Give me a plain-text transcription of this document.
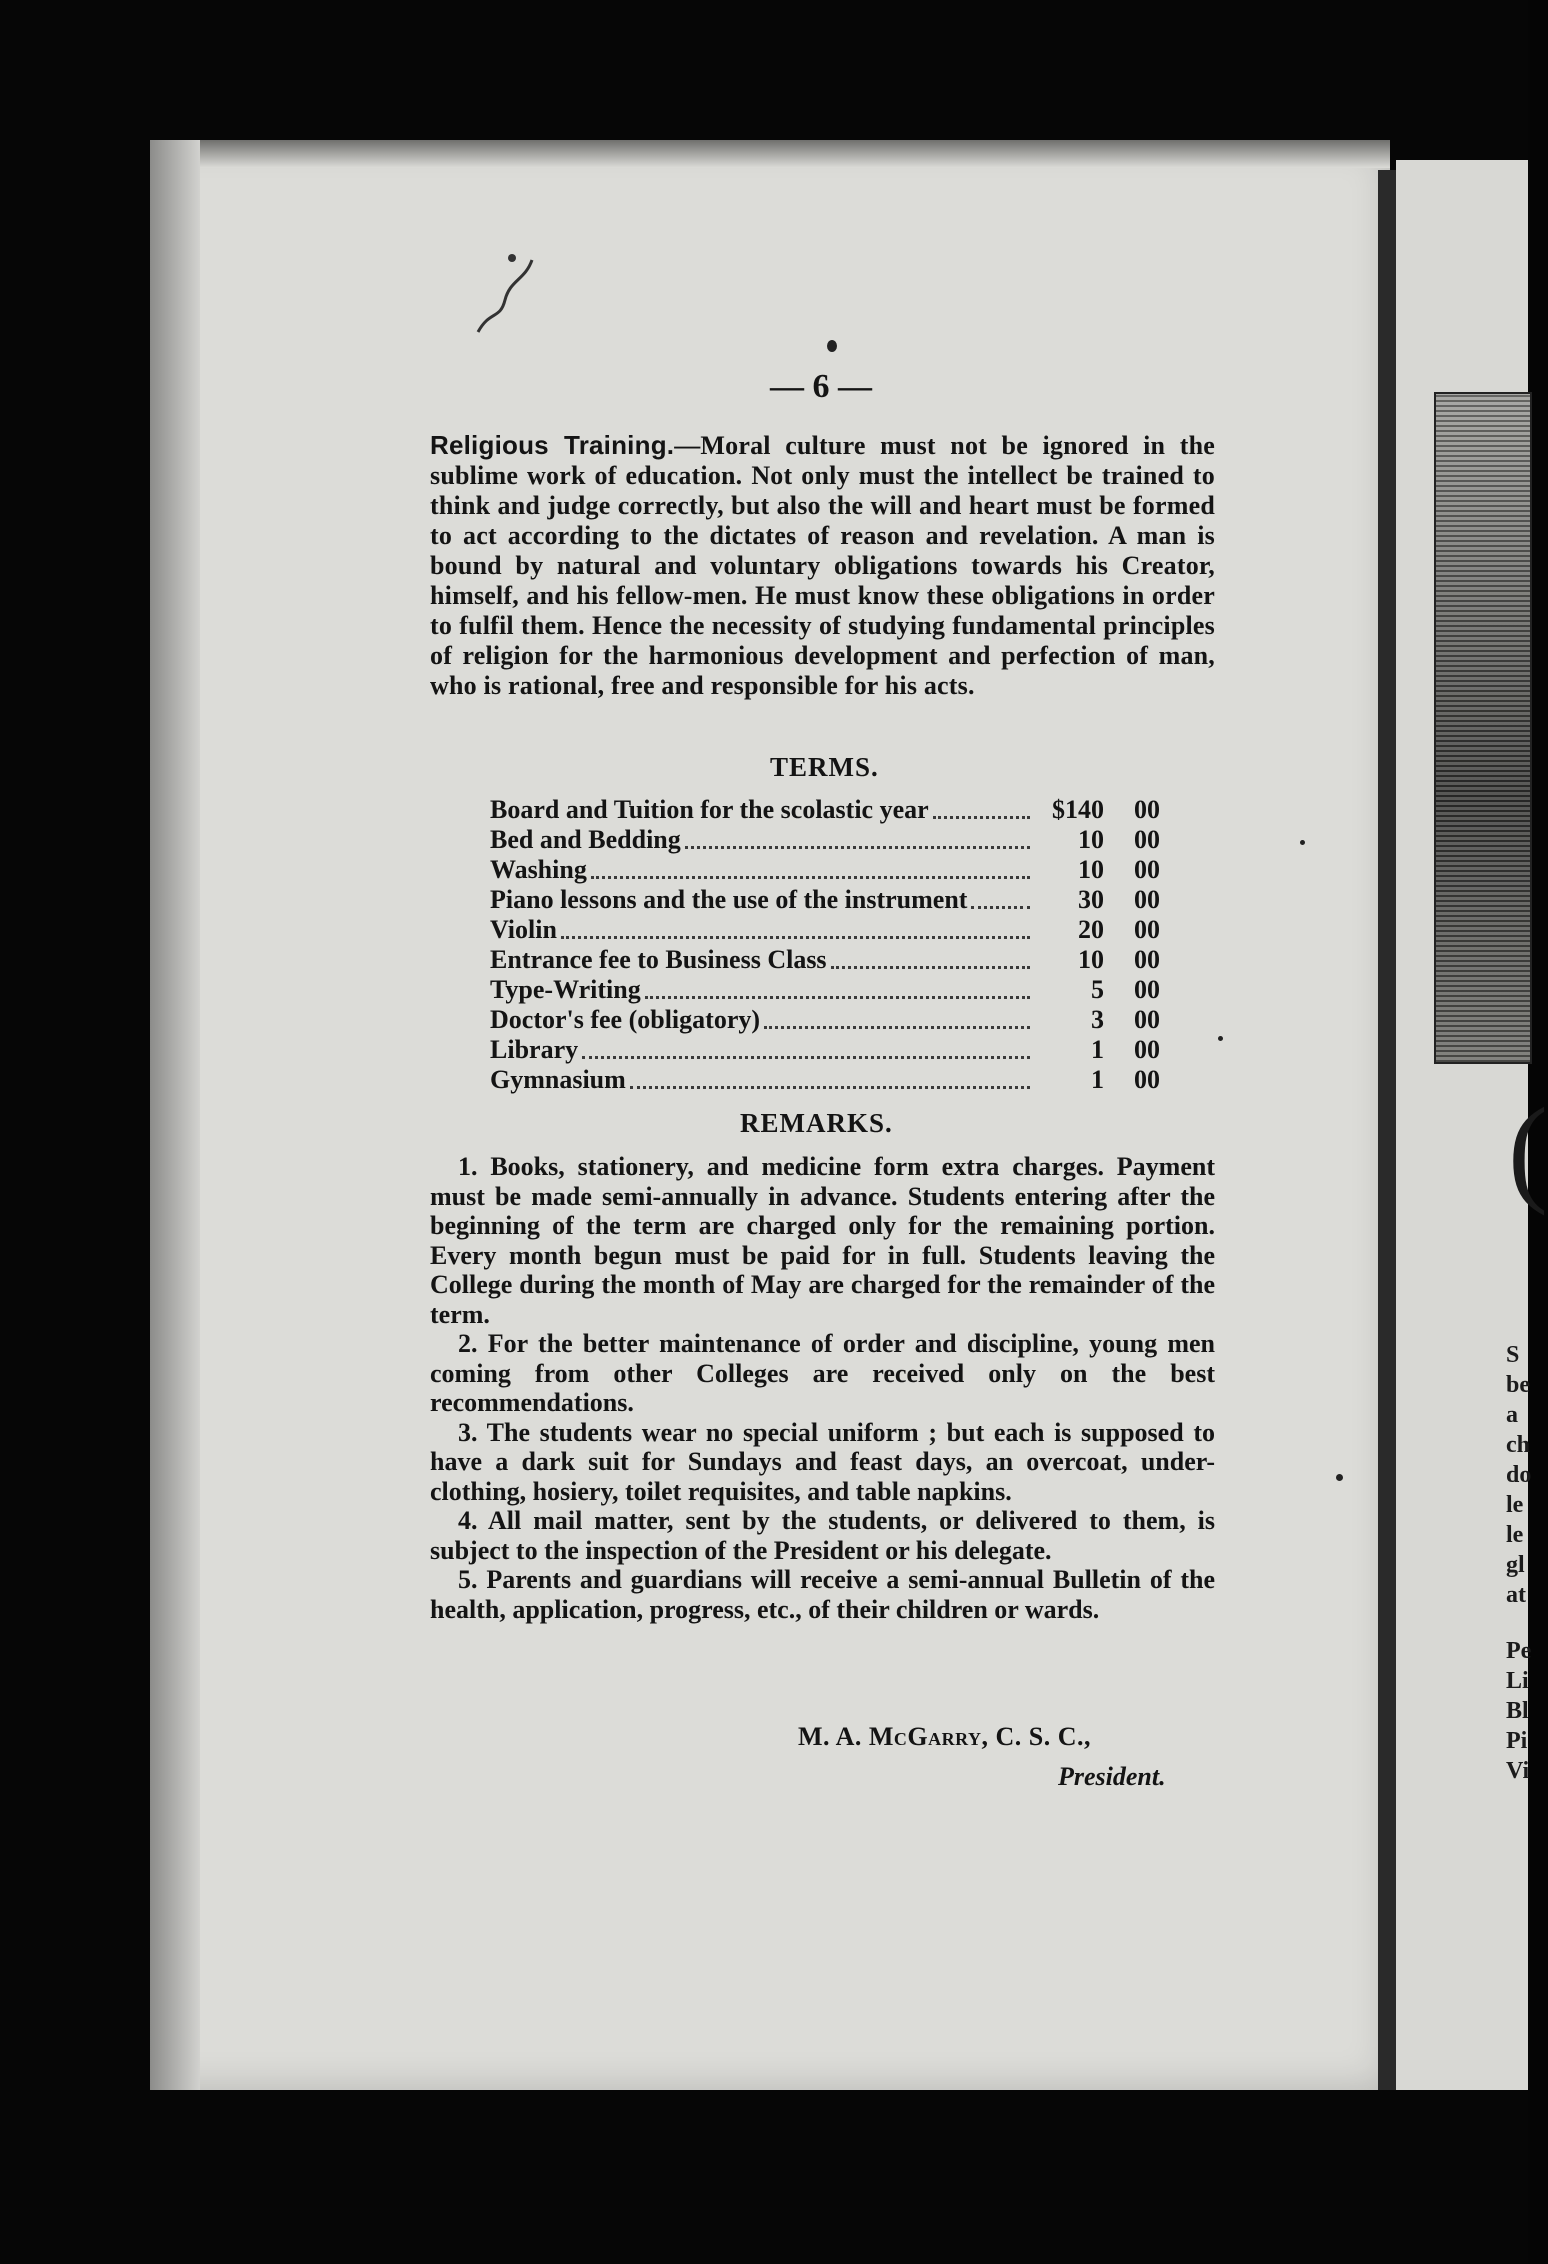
(
S
be
a
ch
do
le
le
gl
at
Pe
Li
Bl
Pi
Vi
— 6 —
Religious Training.—Moral culture must not be ignored in the sublime work of education. Not only must the intellect be trained to think and judge correctly, but also the will and heart must be formed to act according to the dictates of reason and revelation. A man is bound by natural and voluntary obligations towards his Creator, himself, and his fellow-men. He must know these obligations in order to fulfil them. Hence the necessity of studying fundamental principles of religion for the harmonious development and perfection of man, who is rational, free and responsible for his acts.
TERMS.
Board and Tuition for the scolastic year	$140	00
Bed and Bedding	10	00
Washing	10	00
Piano lessons and the use of the instrument	30	00
Violin	20	00
Entrance fee to Business Class	10	00
Type-Writing	5	00
Doctor's fee (obligatory)	3	00
Library	1	00
Gymnasium	1	00
REMARKS.

1. Books, stationery, and medicine form extra charges. Payment must be made semi-annually in advance. Students entering after the beginning of the term are charged only for the remaining portion. Every month begun must be paid for in full. Students leaving the College during the month of May are charged for the remainder of the term.

2. For the better maintenance of order and discipline, young men coming from other Colleges are received only on the best recommendations.

3. The students wear no special uniform ; but each is supposed to have a dark suit for Sundays and feast days, an overcoat, under-clothing, hosiery, toilet requisites, and table napkins.

4. All mail matter, sent by the students, or delivered to them, is subject to the inspection of the President or his delegate.

5. Parents and guardians will receive a semi-annual Bulletin of the health, application, progress, etc., of their children or wards.

M. A. McGarry, C. S. C.,
President.
